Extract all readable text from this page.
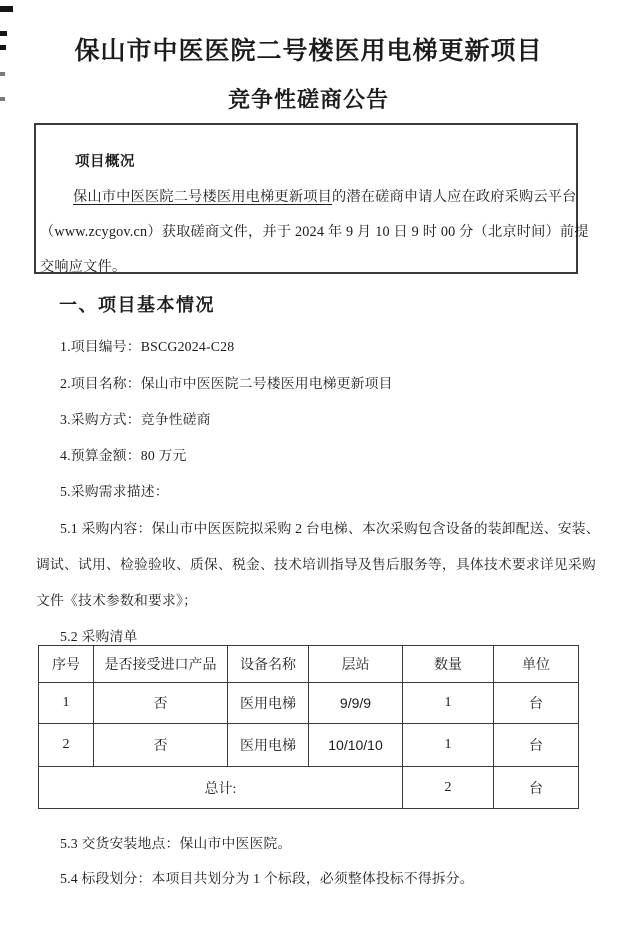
保山市中医医院二号楼医用电梯更新项目
竞争性磋商公告
项目概况
保山市中医医院二号楼医用电梯更新项目的潜在磋商申请人应在政府采购云平台
（www.zcygov.cn）获取磋商文件，并于 2024 年 9 月 10 日 9 时 00 分（北京时间）前提
交响应文件。
一、项目基本情况
1.项目编号：BSCG2024-C28
2.项目名称：保山市中医医院二号楼医用电梯更新项目
3.采购方式：竞争性磋商
4.预算金额：80 万元
5.采购需求描述：
5.1 采购内容：保山市中医医院拟采购 2 台电梯、本次采购包含设备的装卸配送、安装、
调试、试用、检验验收、质保、税金、技术培训指导及售后服务等，具体技术要求详见采购
文件《技术参数和要求》；
5.2 采购清单
序号	是否接受进口产品	设备名称	层站	数量	单位
1	否	医用电梯	9/9/9	1	台
2	否	医用电梯	10/10/10	1	台
总计:				2	台
5.3 交货安装地点：保山市中医医院。
5.4 标段划分：本项目共划分为 1 个标段，必须整体投标不得拆分。
